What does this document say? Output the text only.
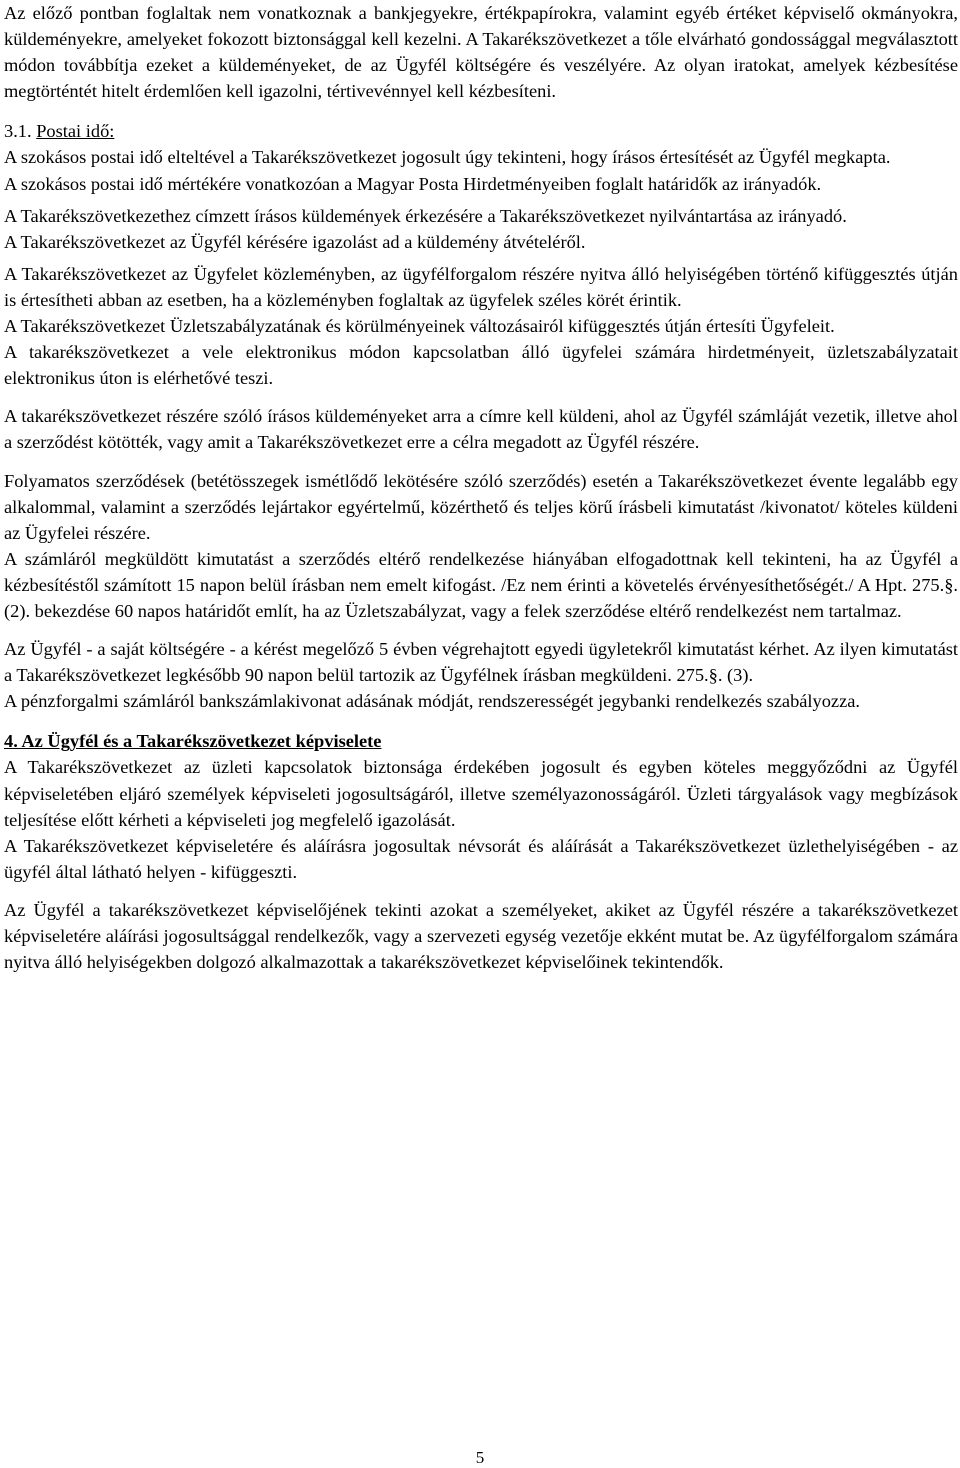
Az előző pontban foglaltak nem vonatkoznak a bankjegyekre, értékpapírokra, valamint egyéb értéket képviselő okmányokra, küldeményekre, amelyeket fokozott biztonsággal kell kezelni. A Takarékszövetkezet a tőle elvárható gondossággal megválasztott módon továbbítja ezeket a küldeményeket, de az Ügyfél költségére és veszélyére. Az olyan iratokat, amelyek kézbesítése megtörténtét hitelt érdemlően kell igazolni, tértivevénnyel kell kézbesíteni.

3.1. Postai idő:

A szokásos postai idő elteltével a Takarékszövetkezet jogosult úgy tekinteni, hogy írásos értesítését az Ügyfél megkapta.

A szokásos postai idő mértékére vonatkozóan a Magyar Posta Hirdetményeiben foglalt határidők az irányadók.

A Takarékszövetkezethez címzett írásos küldemények érkezésére a Takarékszövetkezet nyilvántartása az irányadó.

A Takarékszövetkezet az Ügyfél kérésére igazolást ad a küldemény átvételéről.

A Takarékszövetkezet az Ügyfelet közleményben, az ügyfélforgalom részére nyitva álló helyiségében történő kifüggesztés útján is értesítheti abban az esetben, ha a közleményben foglaltak az ügyfelek széles körét érintik.

A Takarékszövetkezet Üzletszabályzatának és körülményeinek változásairól kifüggesztés útján értesíti Ügyfeleit.

A takarékszövetkezet a vele elektronikus módon kapcsolatban álló ügyfelei számára hirdetményeit, üzletszabályzatait elektronikus úton is elérhetővé teszi.

A takarékszövetkezet részére szóló írásos küldeményeket arra a címre kell küldeni, ahol az Ügyfél számláját vezetik, illetve ahol a szerződést kötötték, vagy amit a Takarékszövetkezet erre a célra megadott az Ügyfél részére.

Folyamatos szerződések (betétösszegek ismétlődő lekötésére szóló szerződés) esetén a Takarékszövetkezet évente legalább egy alkalommal, valamint a szerződés lejártakor egyértelmű, közérthető és teljes körű írásbeli kimutatást /kivonatot/ köteles küldeni az Ügyfelei részére.

A számláról megküldött kimutatást a szerződés eltérő rendelkezése hiányában elfogadottnak kell tekinteni, ha az Ügyfél a kézbesítéstől számított 15 napon belül írásban nem emelt kifogást. /Ez nem érinti a követelés érvényesíthetőségét./ A Hpt. 275.§. (2). bekezdése 60 napos határidőt említ, ha az Üzletszabályzat, vagy a felek szerződése eltérő rendelkezést nem tartalmaz.

Az Ügyfél - a saját költségére - a kérést megelőző 5 évben végrehajtott egyedi ügyletekről kimutatást kérhet. Az ilyen kimutatást a Takarékszövetkezet legkésőbb 90 napon belül tartozik az Ügyfélnek írásban megküldeni. 275.§. (3).

A pénzforgalmi számláról bankszámlakivonat adásának módját, rendszerességét jegybanki rendelkezés szabályozza.

4. Az Ügyfél és a Takarékszövetkezet képviselete

A Takarékszövetkezet az üzleti kapcsolatok biztonsága érdekében jogosult és egyben köteles meggyőződni az Ügyfél képviseletében eljáró személyek képviseleti jogosultságáról, illetve személyazonosságáról. Üzleti tárgyalások vagy megbízások teljesítése előtt kérheti a képviseleti jog megfelelő igazolását.

A Takarékszövetkezet képviseletére és aláírásra jogosultak névsorát és aláírását a Takarékszövetkezet üzlethelyiségében - az ügyfél által látható helyen - kifüggeszti.

Az Ügyfél a takarékszövetkezet képviselőjének tekinti azokat a személyeket, akiket az Ügyfél részére a takarékszövetkezet képviseletére aláírási jogosultsággal rendelkezők, vagy a szervezeti egység vezetője ekként mutat be. Az ügyfélforgalom számára nyitva álló helyiségekben dolgozó alkalmazottak a takarékszövetkezet képviselőinek tekintendők.

5
